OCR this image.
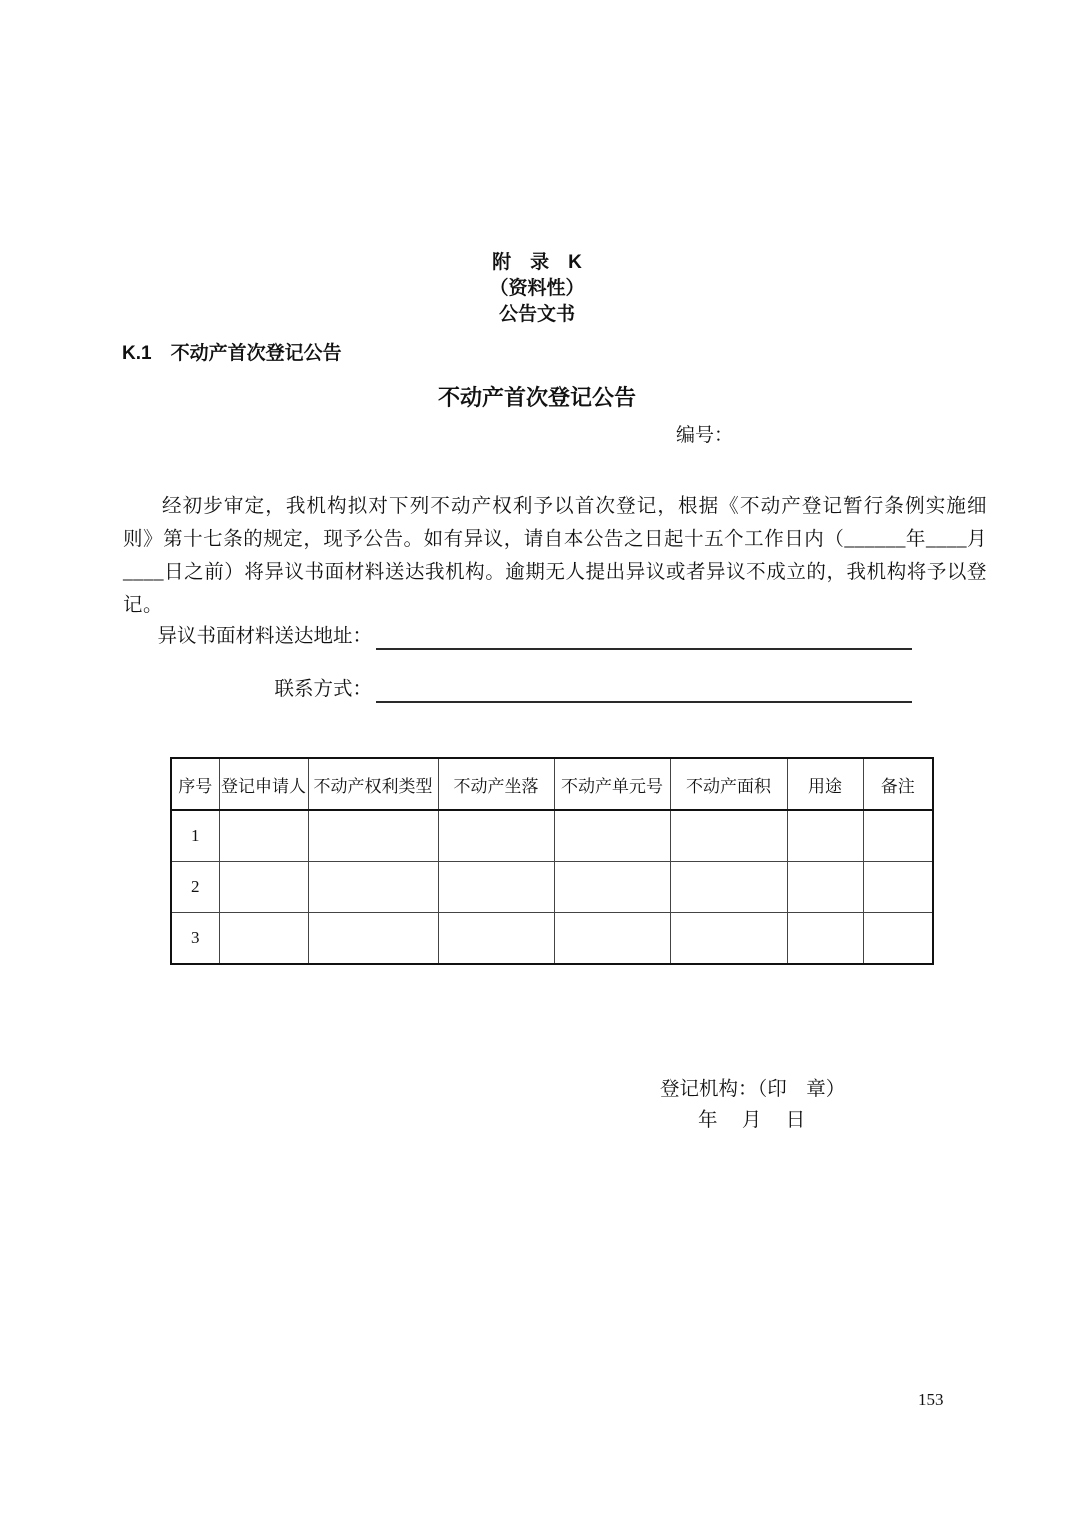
附　录　K
（资料性）
公告文书
K.1　不动产首次登记公告
不动产首次登记公告
编号：
经初步审定，我机构拟对下列不动产权利予以首次登记，根据《不动产登记暂行条例实施细则》第十七条的规定，现予公告。如有异议，请自本公告之日起十五个工作日内（______年____月____日之前）将异议书面材料送达我机构。逾期无人提出异议或者异议不成立的，我机构将予以登记。
异议书面材料送达地址：
联系方式：
序号	登记申请人	不动产权利类型	不动产坐落	不动产单元号	不动产面积	用途	备注
1							
2							
3							
登记机构：（印　章）
年　 月　 日
153
